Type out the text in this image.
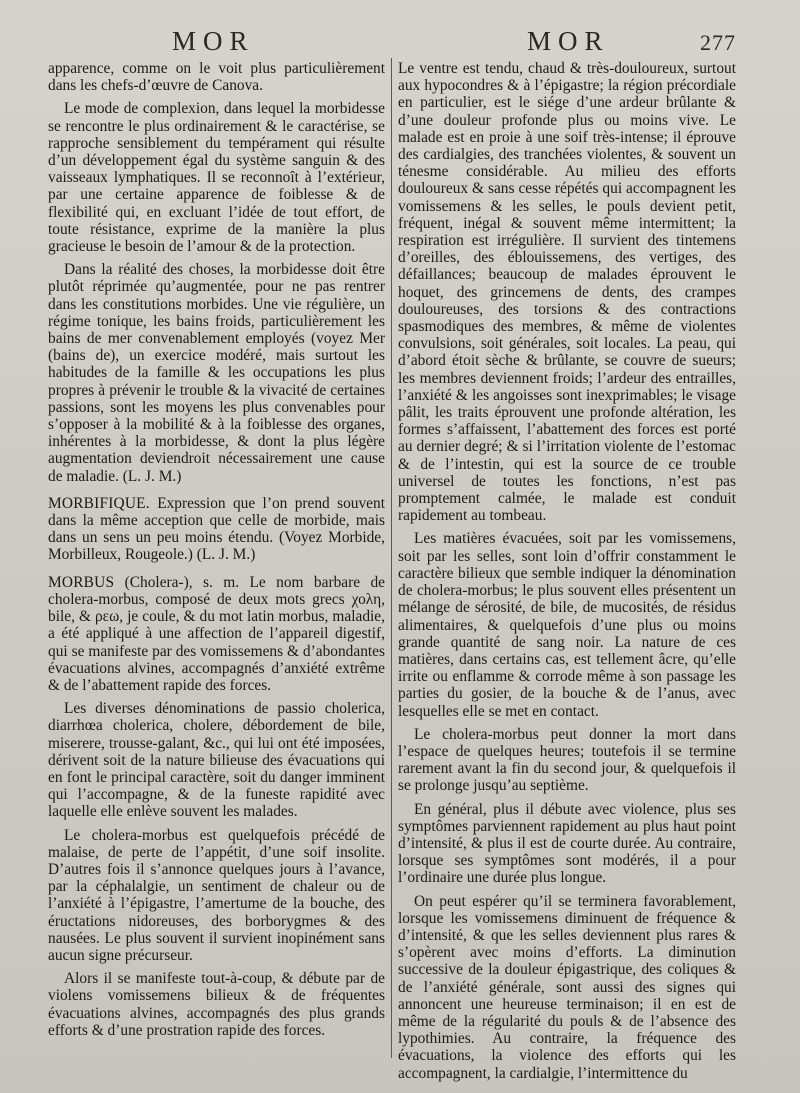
MOR	MOR	277

apparence, comme on le voit plus particulièrement dans les chefs-d’œuvre de Canova.

Le mode de complexion, dans lequel la morbidesse se rencontre le plus ordinairement & le caractérise, se rapproche sensiblement du tempérament qui résulte d’un développement égal du système sanguin & des vaisseaux lymphatiques. Il se reconnoît à l’extérieur, par une certaine apparence de foiblesse & de flexibilité qui, en excluant l’idée de tout effort, de toute résistance, exprime de la manière la plus gracieuse le besoin de l’amour & de la protection.

Dans la réalité des choses, la morbidesse doit être plutôt réprimée qu’augmentée, pour ne pas rentrer dans les constitutions morbides. Une vie régulière, un régime tonique, les bains froids, particulièrement les bains de mer convenablement employés (voyez Mer (bains de), un exercice modéré, mais surtout les habitudes de la famille & les occupations les plus propres à prévenir le trouble & la vivacité de certaines passions, sont les moyens les plus convenables pour s’opposer à la mobilité & à la foiblesse des organes, inhérentes à la morbidesse, & dont la plus légère augmentation deviendroit nécessairement une cause de maladie. (L. J. M.)

MORBIFIQUE. Expression que l’on prend souvent dans la même acception que celle de morbide, mais dans un sens un peu moins étendu. (Voyez Morbide, Morbilleux, Rougeole.) (L. J. M.)

MORBUS (Cholera-), s. m. Le nom barbare de cholera-morbus, composé de deux mots grecs χολη, bile, & ρεω, je coule, & du mot latin morbus, maladie, a été appliqué à une affection de l’appareil digestif, qui se manifeste par des vomissemens & d’abondantes évacuations alvines, accompagnés d’anxiété extrême & de l’abattement rapide des forces.

Les diverses dénominations de passio cholerica, diarrhœa cholerica, cholere, débordement de bile, miserere, trousse-galant, &c., qui lui ont été imposées, dérivent soit de la nature bilieuse des évacuations qui en font le principal caractère, soit du danger imminent qui l’accompagne, & de la funeste rapidité avec laquelle elle enlève souvent les malades.

Le cholera-morbus est quelquefois précédé de malaise, de perte de l’appétit, d’une soif insolite. D’autres fois il s’annonce quelques jours à l’avance, par la céphalalgie, un sentiment de chaleur ou de l’anxiété à l’épigastre, l’amertume de la bouche, des éructations nidoreuses, des borborygmes & des nausées. Le plus souvent il survient inopinément sans aucun signe précurseur.

Alors il se manifeste tout-à-coup, & débute par de violens vomissemens bilieux & de fréquentes évacuations alvines, accompagnés des plus grands efforts & d’une prostration rapide des forces.

Le ventre est tendu, chaud & très-douloureux, surtout aux hypocondres & à l’épigastre; la région précordiale en particulier, est le siége d’une ardeur brûlante & d’une douleur profonde plus ou moins vive. Le malade est en proie à une soif très-intense; il éprouve des cardialgies, des tranchées violentes, & souvent un ténesme considérable. Au milieu des efforts douloureux & sans cesse répétés qui accompagnent les vomissemens & les selles, le pouls devient petit, fréquent, inégal & souvent même intermittent; la respiration est irrégulière. Il survient des tintemens d’oreilles, des éblouissemens, des vertiges, des défaillances; beaucoup de malades éprouvent le hoquet, des grincemens de dents, des crampes douloureuses, des torsions & des contractions spasmodiques des membres, & même de violentes convulsions, soit générales, soit locales. La peau, qui d’abord étoit sèche & brûlante, se couvre de sueurs; les membres deviennent froids; l’ardeur des entrailles, l’anxiété & les angoisses sont inexprimables; le visage pâlit, les traits éprouvent une profonde altération, les formes s’affaissent, l’abattement des forces est porté au dernier degré; & si l’irritation violente de l’estomac & de l’intestin, qui est la source de ce trouble universel de toutes les fonctions, n’est pas promptement calmée, le malade est conduit rapidement au tombeau.

Les matières évacuées, soit par les vomissemens, soit par les selles, sont loin d’offrir constamment le caractère bilieux que semble indiquer la dénomination de cholera-morbus; le plus souvent elles présentent un mélange de sérosité, de bile, de mucosités, de résidus alimentaires, & quelquefois d’une plus ou moins grande quantité de sang noir. La nature de ces matières, dans certains cas, est tellement âcre, qu’elle irrite ou enflamme & corrode même à son passage les parties du gosier, de la bouche & de l’anus, avec lesquelles elle se met en contact.

Le cholera-morbus peut donner la mort dans l’espace de quelques heures; toutefois il se termine rarement avant la fin du second jour, & quelquefois il se prolonge jusqu’au septième.

En général, plus il débute avec violence, plus ses symptômes parviennent rapidement au plus haut point d’intensité, & plus il est de courte durée. Au contraire, lorsque ses symptômes sont modérés, il a pour l’ordinaire une durée plus longue.

On peut espérer qu’il se terminera favorablement, lorsque les vomissemens diminuent de fréquence & d’intensité, & que les selles deviennent plus rares & s’opèrent avec moins d’efforts. La diminution successive de la douleur épigastrique, des coliques & de l’anxiété générale, sont aussi des signes qui annoncent une heureuse terminaison; il en est de même de la régularité du pouls & de l’absence des lypothimies. Au contraire, la fréquence des évacuations, la violence des efforts qui les accompagnent, la cardialgie, l’intermittence du
